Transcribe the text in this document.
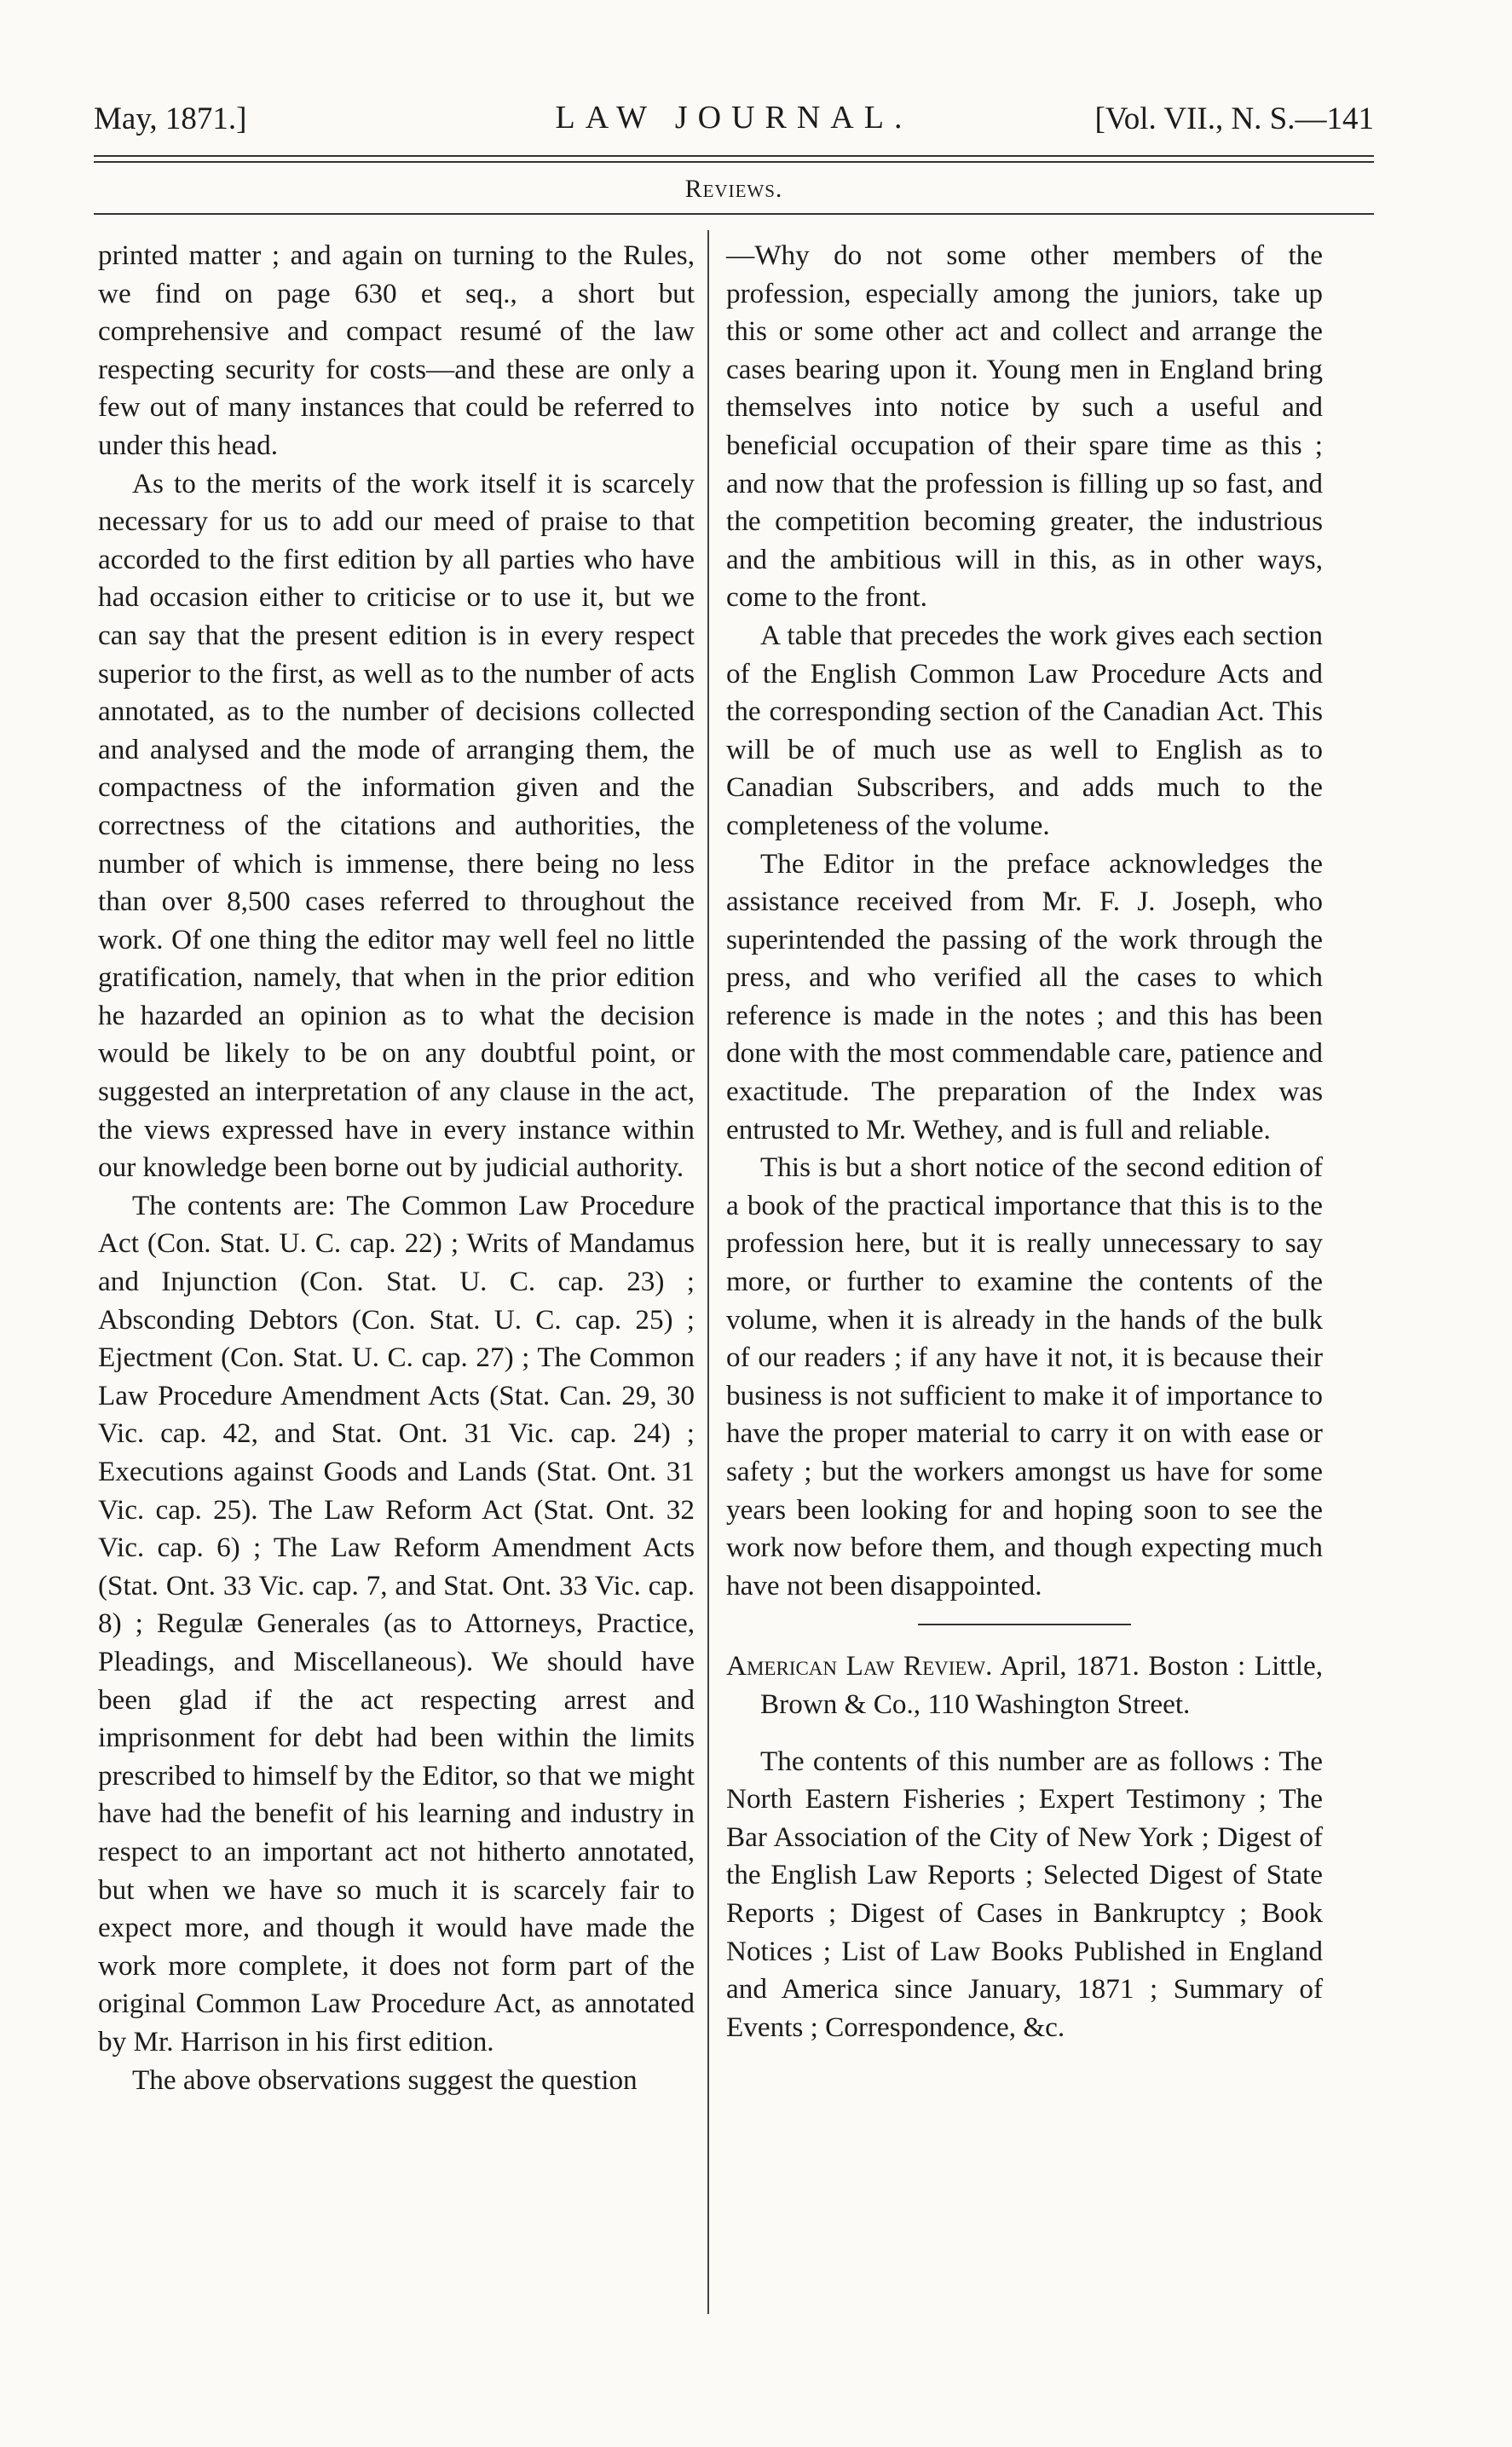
May, 1871.]	LAW JOURNAL.	[Vol. VII., N. S.—141
Reviews.

printed matter ; and again on turning to the Rules, we find on page 630 et seq., a short but comprehensive and compact resumé of the law respecting security for costs—and these are only a few out of many instances that could be referred to under this head.

As to the merits of the work itself it is scarcely necessary for us to add our meed of praise to that accorded to the first edition by all parties who have had occasion either to criticise or to use it, but we can say that the present edition is in every respect superior to the first, as well as to the number of acts annotated, as to the number of decisions collected and analysed and the mode of arranging them, the compactness of the information given and the correctness of the citations and authorities, the number of which is immense, there being no less than over 8,500 cases referred to throughout the work. Of one thing the editor may well feel no little gratification, namely, that when in the prior edition he hazarded an opinion as to what the decision would be likely to be on any doubtful point, or suggested an interpretation of any clause in the act, the views expressed have in every instance within our knowledge been borne out by judicial authority.

The contents are: The Common Law Procedure Act (Con. Stat. U. C. cap. 22) ; Writs of Mandamus and Injunction (Con. Stat. U. C. cap. 23) ; Absconding Debtors (Con. Stat. U. C. cap. 25) ; Ejectment (Con. Stat. U. C. cap. 27) ; The Common Law Procedure Amendment Acts (Stat. Can. 29, 30 Vic. cap. 42, and Stat. Ont. 31 Vic. cap. 24) ; Executions against Goods and Lands (Stat. Ont. 31 Vic. cap. 25). The Law Reform Act (Stat. Ont. 32 Vic. cap. 6) ; The Law Reform Amendment Acts (Stat. Ont. 33 Vic. cap. 7, and Stat. Ont. 33 Vic. cap. 8) ; Regulæ Generales (as to Attorneys, Practice, Pleadings, and Miscellaneous). We should have been glad if the act respecting arrest and imprisonment for debt had been within the limits prescribed to himself by the Editor, so that we might have had the benefit of his learning and industry in respect to an important act not hitherto annotated, but when we have so much it is scarcely fair to expect more, and though it would have made the work more complete, it does not form part of the original Common Law Procedure Act, as annotated by Mr. Harrison in his first edition.

The above observations suggest the question

—Why do not some other members of the profession, especially among the juniors, take up this or some other act and collect and arrange the cases bearing upon it. Young men in England bring themselves into notice by such a useful and beneficial occupation of their spare time as this ; and now that the profession is filling up so fast, and the competition becoming greater, the industrious and the ambitious will in this, as in other ways, come to the front.

A table that precedes the work gives each section of the English Common Law Procedure Acts and the corresponding section of the Canadian Act. This will be of much use as well to English as to Canadian Subscribers, and adds much to the completeness of the volume.

The Editor in the preface acknowledges the assistance received from Mr. F. J. Joseph, who superintended the passing of the work through the press, and who verified all the cases to which reference is made in the notes ; and this has been done with the most commendable care, patience and exactitude. The preparation of the Index was entrusted to Mr. Wethey, and is full and reliable.

This is but a short notice of the second edition of a book of the practical importance that this is to the profession here, but it is really unnecessary to say more, or further to examine the contents of the volume, when it is already in the hands of the bulk of our readers ; if any have it not, it is because their business is not sufficient to make it of importance to have the proper material to carry it on with ease or safety ; but the workers amongst us have for some years been looking for and hoping soon to see the work now before them, and though expecting much have not been disappointed.

American Law Review. April, 1871. Boston : Little, Brown & Co., 110 Washington Street.

The contents of this number are as follows : The North Eastern Fisheries ; Expert Testimony ; The Bar Association of the City of New York ; Digest of the English Law Reports ; Selected Digest of State Reports ; Digest of Cases in Bankruptcy ; Book Notices ; List of Law Books Published in England and America since January, 1871 ; Summary of Events ; Correspondence, &c.
